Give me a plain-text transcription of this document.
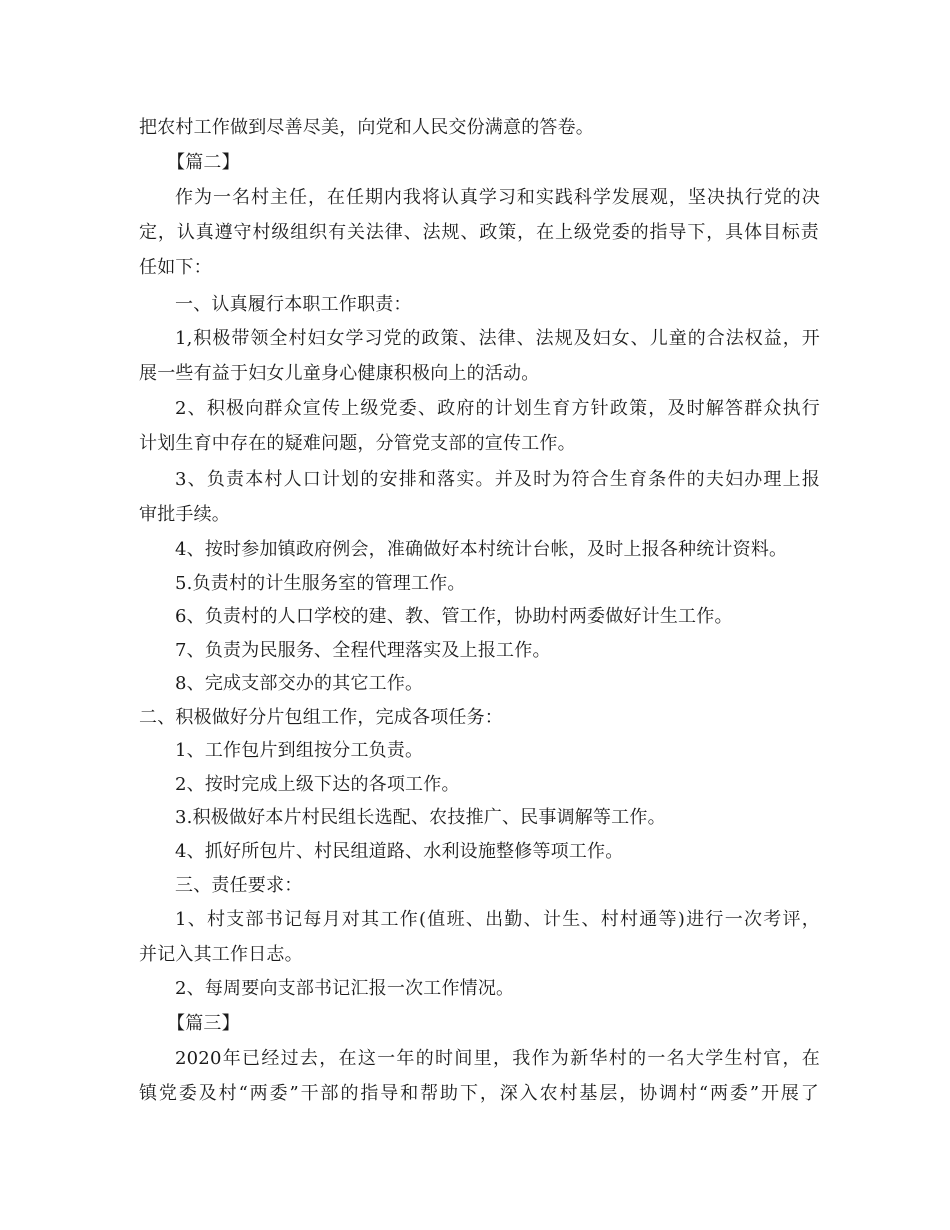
把农村工作做到尽善尽美，向党和人民交份满意的答卷。
【篇二】
作为一名村主任，在任期内我将认真学习和实践科学发展观，坚决执行党的决
定，认真遵守村级组织有关法律、法规、政策，在上级党委的指导下，具体目标责
任如下：
一、认真履行本职工作职责：
1,积极带领全村妇女学习党的政策、法律、法规及妇女、儿童的合法权益，开
展一些有益于妇女儿童身心健康积极向上的活动。
2、积极向群众宣传上级党委、政府的计划生育方针政策，及时解答群众执行
计划生育中存在的疑难问题，分管党支部的宣传工作。
3、负责本村人口计划的安排和落实。并及时为符合生育条件的夫妇办理上报
审批手续。
4、按时参加镇政府例会，准确做好本村统计台帐，及时上报各种统计资料。
5.负责村的计生服务室的管理工作。
6、负责村的人口学校的建、教、管工作，协助村两委做好计生工作。
7、负责为民服务、全程代理落实及上报工作。
8、完成支部交办的其它工作。
二、积极做好分片包组工作，完成各项任务：
1、工作包片到组按分工负责。
2、按时完成上级下达的各项工作。
3.积极做好本片村民组长选配、农技推广、民事调解等工作。
4、抓好所包片、村民组道路、水利设施整修等项工作。
三、责任要求：
1、村支部书记每月对其工作(值班、出勤、计生、村村通等)进行一次考评，
并记入其工作日志。
2、每周要向支部书记汇报一次工作情况。
【篇三】
2020年已经过去，在这一年的时间里，我作为新华村的一名大学生村官，在
镇党委及村“两委”干部的指导和帮助下，深入农村基层，协调村“两委”开展了
